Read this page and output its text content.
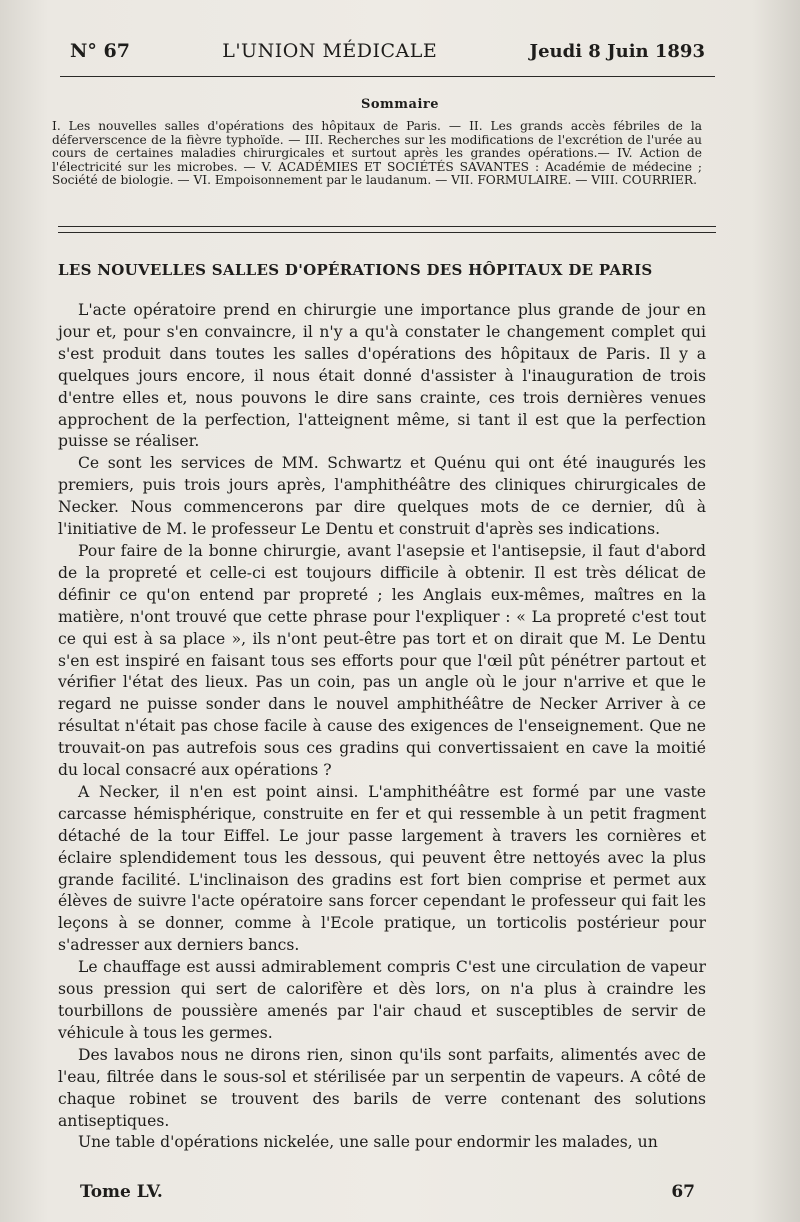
N° 67	L'UNION MÉDICALE	Jeudi 8 Juin 1893
Sommaire
I. Les nouvelles salles d'opérations des hôpitaux de Paris. — II. Les grands accès fébriles de la déferverscence de la fièvre typhoïde. — III. Recherches sur les modifications de l'excrétion de l'urée au cours de certaines maladies chirurgicales et surtout après les grandes opérations.— IV. Action de l'électricité sur les microbes. — V. ACADÉMIES ET SOCIÉTÉS SAVANTES : Académie de médecine ; Société de biologie. — VI. Empoisonnement par le laudanum. — VII. FORMULAIRE. — VIII. COURRIER.
LES NOUVELLES SALLES D'OPÉRATIONS DES HÔPITAUX DE PARIS

L'acte opératoire prend en chirurgie une importance plus grande de jour en jour et, pour s'en convaincre, il n'y a qu'à constater le changement complet qui s'est produit dans toutes les salles d'opérations des hôpitaux de Paris. Il y a quelques jours encore, il nous était donné d'assister à l'inauguration de trois d'entre elles et, nous pouvons le dire sans crainte, ces trois dernières venues approchent de la perfection, l'atteignent même, si tant il est que la perfection puisse se réaliser.

Ce sont les services de MM. Schwartz et Quénu qui ont été inaugurés les premiers, puis trois jours après, l'amphithéâtre des cliniques chirurgicales de Necker. Nous commencerons par dire quelques mots de ce dernier, dû à l'initiative de M. le professeur Le Dentu et construit d'après ses indications.

Pour faire de la bonne chirurgie, avant l'asepsie et l'antisepsie, il faut d'abord de la propreté et celle-ci est toujours difficile à obtenir. Il est très délicat de définir ce qu'on entend par propreté ; les Anglais eux-mêmes, maîtres en la matière, n'ont trouvé que cette phrase pour l'expliquer : « La propreté c'est tout ce qui est à sa place », ils n'ont peut-être pas tort et on dirait que M. Le Dentu s'en est inspiré en faisant tous ses efforts pour que l'œil pût pénétrer partout et vérifier l'état des lieux. Pas un coin, pas un angle où le jour n'arrive et que le regard ne puisse sonder dans le nouvel amphithéâtre de Necker Arriver à ce résultat n'était pas chose facile à cause des exigences de l'enseignement. Que ne trouvait-on pas autrefois sous ces gradins qui convertissaient en cave la moitié du local consacré aux opérations ?

A Necker, il n'en est point ainsi. L'amphithéâtre est formé par une vaste carcasse hémisphérique, construite en fer et qui ressemble à un petit fragment détaché de la tour Eiffel. Le jour passe largement à travers les cornières et éclaire splendidement tous les dessous, qui peuvent être nettoyés avec la plus grande facilité. L'inclinaison des gradins est fort bien comprise et permet aux élèves de suivre l'acte opératoire sans forcer cependant le professeur qui fait les leçons à se donner, comme à l'Ecole pratique, un torticolis postérieur pour s'adresser aux derniers bancs.

Le chauffage est aussi admirablement compris C'est une circulation de vapeur sous pression qui sert de calorifère et dès lors, on n'a plus à craindre les tourbillons de poussière amenés par l'air chaud et susceptibles de servir de véhicule à tous les germes.

Des lavabos nous ne dirons rien, sinon qu'ils sont parfaits, alimentés avec de l'eau, filtrée dans le sous-sol et stérilisée par un serpentin de vapeurs. A côté de chaque robinet se trouvent des barils de verre contenant des solutions antiseptiques.

Une table d'opérations nickelée, une salle pour endormir les malades, un

Tome LV.	67
